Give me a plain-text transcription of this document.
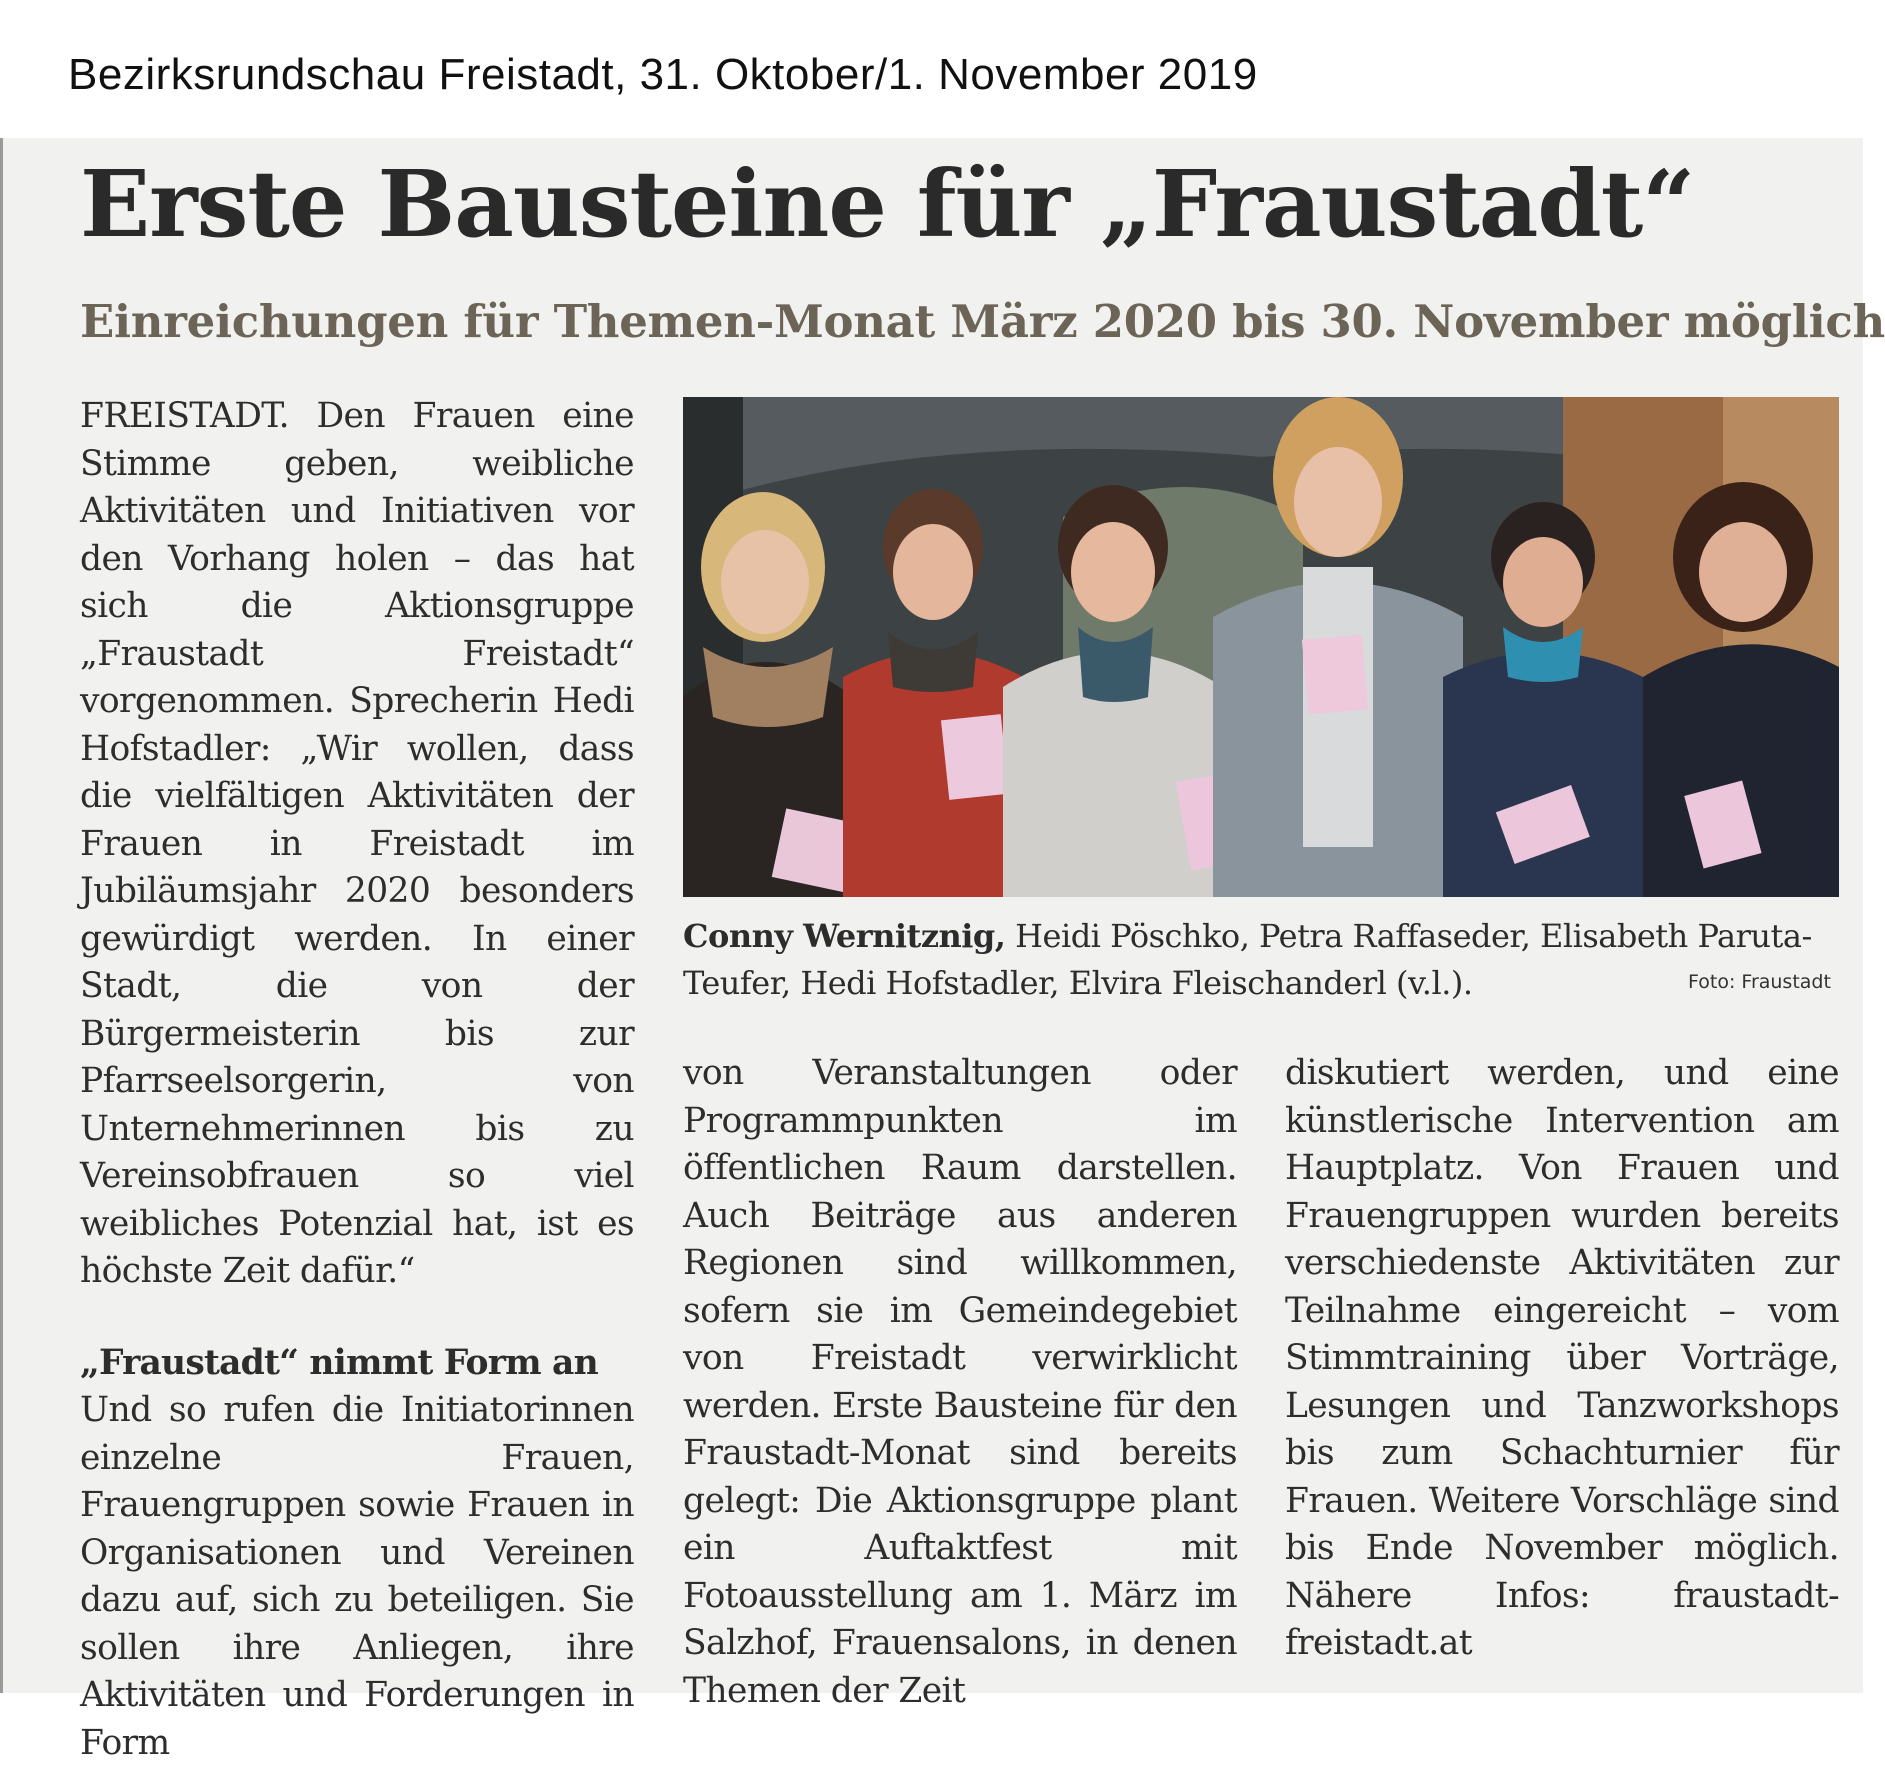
Bezirksrundschau Freistadt, 31. Oktober/1. November 2019
Erste Bausteine für „Fraustadt“
Einreichungen für Themen-Monat März 2020 bis 30. November möglich

FREISTADT. Den Frauen eine Stimme geben, weibliche Aktivitäten und Initiativen vor den Vorhang holen – das hat sich die Aktionsgruppe „Fraustadt Freistadt“ vorgenommen. Sprecherin Hedi Hofstadler: „Wir wollen, dass die vielfältigen Aktivitäten der Frauen in Freistadt im Jubiläumsjahr 2020 besonders gewürdigt werden. In einer Stadt, die von der Bürgermeisterin bis zur Pfarrseelsorgerin, von Unternehmerinnen bis zu Vereinsobfrauen so viel weibliches Potenzial hat, ist es höchste Zeit dafür.“

„Fraustadt“ nimmt Form an

Und so rufen die Initiatorinnen einzelne Frauen, Frauengruppen sowie Frauen in Organisationen und Vereinen dazu auf, sich zu beteiligen. Sie sollen ihre Anliegen, ihre Aktivitäten und Forderungen in Form

Conny Wernitznig, Heidi Pöschko, Petra Raffaseder, Elisabeth Paruta-Teufer, Hedi Hofstadler, Elvira Fleischanderl (v.l.).	Foto: Fraustadt

von Veranstaltungen oder Programmpunkten im öffentlichen Raum darstellen. Auch Beiträge aus anderen Regionen sind willkommen, sofern sie im Gemeindegebiet von Freistadt verwirklicht werden. Erste Bausteine für den Fraustadt-Monat sind bereits gelegt: Die Aktionsgruppe plant ein Auftaktfest mit Fotoausstellung am 1. März im Salzhof, Frauensalons, in denen Themen der Zeit

diskutiert werden, und eine künstlerische Intervention am Hauptplatz. Von Frauen und Frauengruppen wurden bereits verschiedenste Aktivitäten zur Teilnahme eingereicht – vom Stimmtraining über Vorträge, Lesungen und Tanzworkshops bis zum Schachturnier für Frauen. Weitere Vorschläge sind bis Ende November möglich. Nähere Infos: fraustadt-freistadt.at
